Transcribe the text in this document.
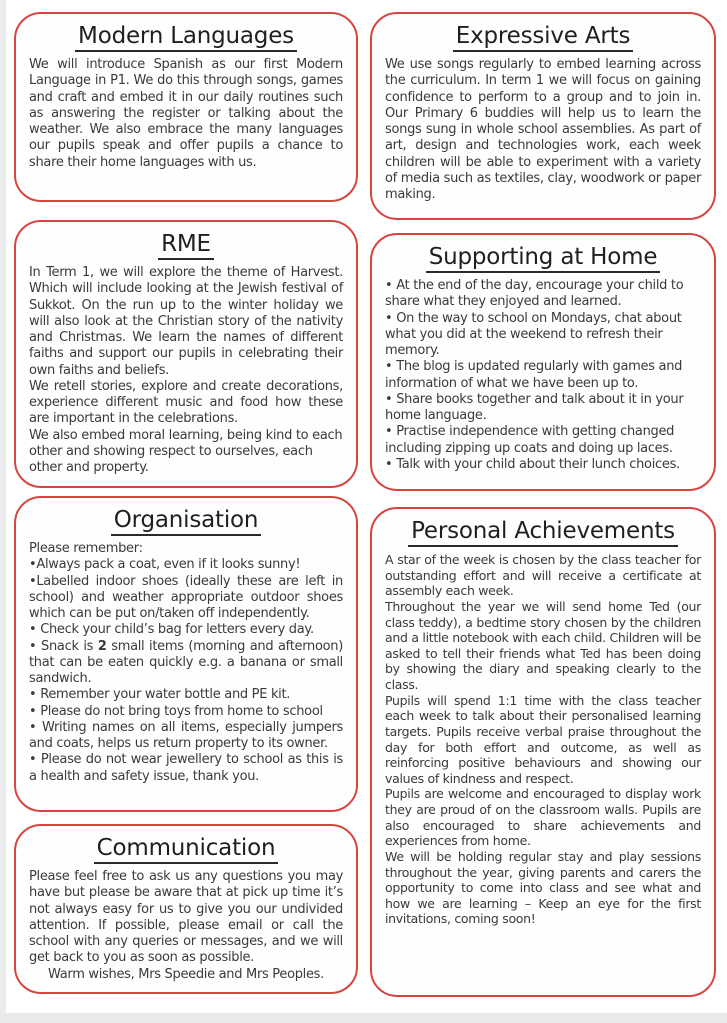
Modern Languages

We will introduce Spanish as our first Modern Language in P1. We do this through songs, games and craft and embed it in our daily routines such as answering the register or talking about the weather. We also embrace the many languages our pupils speak and offer pupils a chance to share their home languages with us.

RME

In Term 1, we will explore the theme of Harvest. Which will include looking at the Jewish festival of Sukkot. On the run up to the winter holiday we will also look at the Christian story of the nativity and Christmas. We learn the names of different faiths and support our pupils in celebrating their own faiths and beliefs.

We retell stories, explore and create decorations, experience different music and food how these are important in the celebrations.

We also embed moral learning, being kind to each other and showing respect to ourselves, each other and property.

Organisation

Please remember:

•Always pack a coat, even if it looks sunny!

•Labelled indoor shoes (ideally these are left in school) and weather appropriate outdoor shoes which can be put on/taken off independently.

• Check your child’s bag for letters every day.

• Snack is 2 small items (morning and afternoon) that can be eaten quickly e.g. a banana or small sandwich.

• Remember your water bottle and PE kit.

• Please do not bring toys from home to school

• Writing names on all items, especially jumpers and coats, helps us return property to its owner.

• Please do not wear jewellery to school as this is a health and safety issue, thank you.

Communication

Please feel free to ask us any questions you may have but please be aware that at pick up time it’s not always easy for us to give you our undivided attention. If possible, please email or call the school with any queries or messages, and we will get back to you as soon as possible.

Warm wishes, Mrs Speedie and Mrs Peoples.

Expressive Arts

We use songs regularly to embed learning across the curriculum. In term 1 we will focus on gaining confidence to perform to a group and to join in. Our Primary 6 buddies will help us to learn the songs sung in whole school assemblies. As part of art, design and technologies work, each week children will be able to experiment with a variety of media such as textiles, clay, woodwork or paper making.

Supporting at Home

• At the end of the day, encourage your child to share what they enjoyed and learned.

• On the way to school on Mondays, chat about what you did at the weekend to refresh their memory.

• The blog is updated regularly with games and information of what we have been up to.

• Share books together and talk about it in your home language.

• Practise independence with getting changed including zipping up coats and doing up laces.

• Talk with your child about their lunch choices.

Personal Achievements

A star of the week is chosen by the class teacher for outstanding effort and will receive a certificate at assembly each week.

Throughout the year we will send home Ted (our class teddy), a bedtime story chosen by the children and a little notebook with each child. Children will be asked to tell their friends what Ted has been doing by showing the diary and speaking clearly to the class.

Pupils will spend 1:1 time with the class teacher each week to talk about their personalised learning targets. Pupils receive verbal praise throughout the day for both effort and outcome, as well as reinforcing positive behaviours and showing our values of kindness and respect.

Pupils are welcome and encouraged to display work they are proud of on the classroom walls. Pupils are also encouraged to share achievements and experiences from home.

We will be holding regular stay and play sessions throughout the year, giving parents and carers the opportunity to come into class and see what and how we are learning – Keep an eye for the first invitations, coming soon!
